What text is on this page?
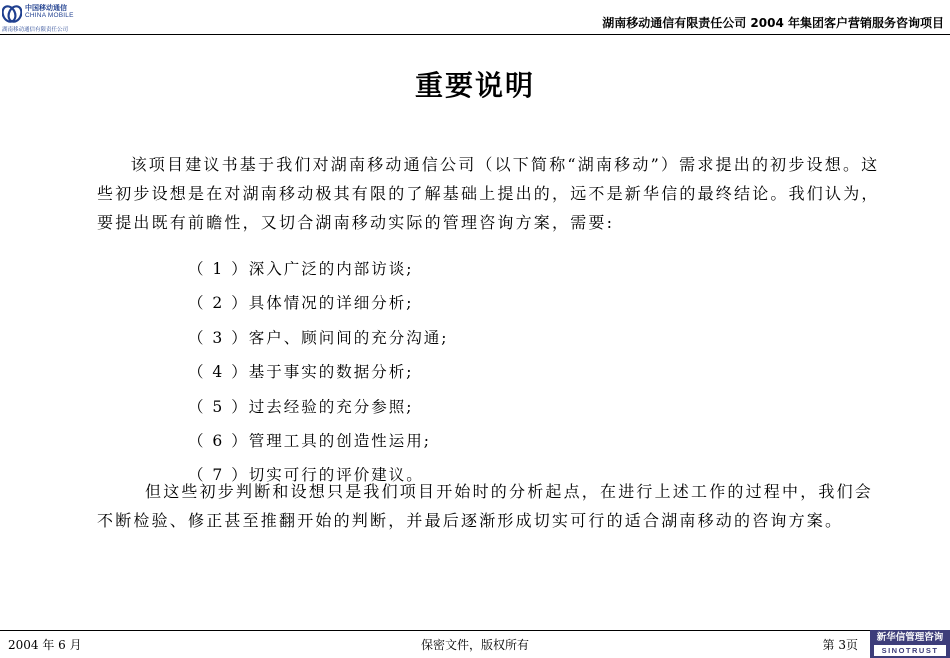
中国移动通信
CHINA MOBILE
湖南移动通信有限责任公司	湖南移动通信有限责任公司 2004 年集团客户营销服务咨询项目
重要说明

该项目建议书基于我们对湖南移动通信公司（以下简称“湖南移动”）需求提出的初步设想。这些初步设想是在对湖南移动极其有限的了解基础上提出的，远不是新华信的最终结论。我们认为，要提出既有前瞻性，又切合湖南移动实际的管理咨询方案，需要:

（ 1 ）深入广泛的内部访谈;
（ 2 ）具体情况的详细分析;
（ 3 ）客户、顾问间的充分沟通;
（ 4 ）基于事实的数据分析;
（ 5 ）过去经验的充分参照;
（ 6 ）管理工具的创造性运用;
（ 7 ）切实可行的评价建议。

但这些初步判断和设想只是我们项目开始时的分析起点，在进行上述工作的过程中，我们会不断检验、修正甚至推翻开始的判断，并最后逐渐形成切实可行的适合湖南移动的咨询方案。

2004 年 6 月	保密文件，版权所有	第 3页
新华信管理咨询
SINOTRUST
